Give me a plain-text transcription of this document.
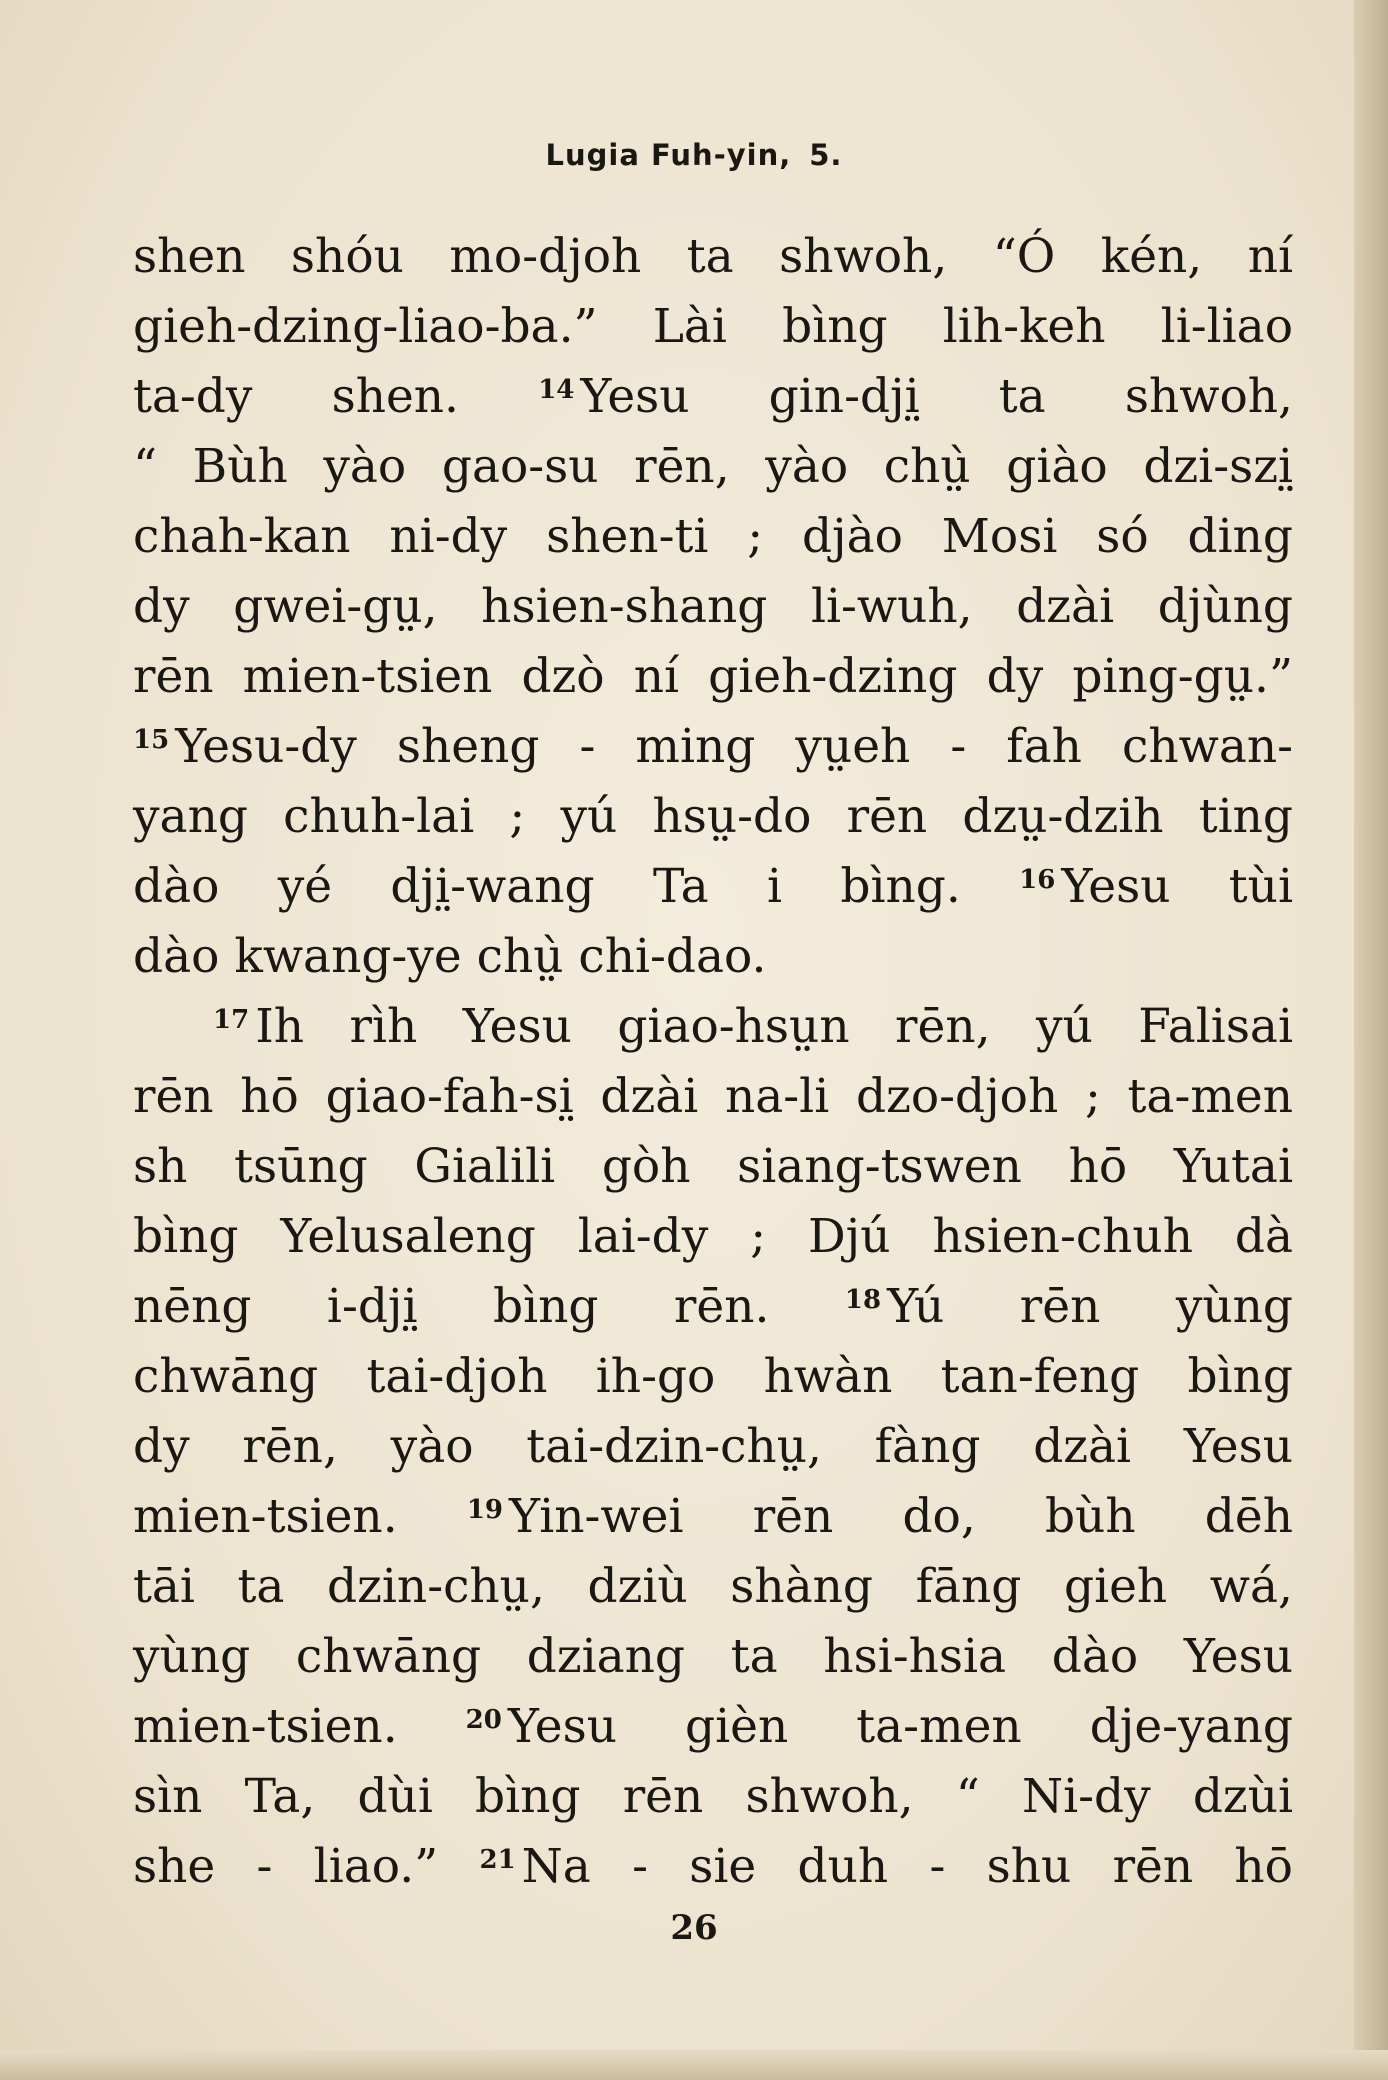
Lugia Fuh-yin, 5.
shen shóu mo-djoh ta shwoh, “Ó kén, ní
gieh-dzing-liao-ba.” Lài bìng lih-keh li-liao
ta-dy shen.	$^{14}$ Yesu gin-dji̤ ta shwoh,
“ Bùh yào gao-su rēn, yào chṳ̀ giào dzi-szi̤
chah-kan ni-dy shen-ti ; djào Mosi só ding
dy gwei-gṳ, hsien-shang li-wuh, dzài djùng
rēn mien-tsien dzò ní gieh-dzing dy ping-gṳ.”
$^{15}$ Yesu-dy sheng - ming yṳeh - fah chwan-
yang chuh-lai ; yú hsṳ-do rēn dzṳ-dzih ting
dào yé dji̤-wang Ta i bìng. $^{16}$ Yesu tùi
dào kwang-ye chṳ̀ chi-dao.
$^{17}$ Ih rìh Yesu giao-hsṳn rēn, yú Falisai
rēn hō giao-fah-si̤ dzài na-li dzo-djoh ; ta-men
sh tsūng Gialili gòh siang-tswen hō Yutai
bìng Yelusaleng lai-dy ; Djú hsien-chuh dà
nēng i-dji̤ bìng rēn.	$^{18}$ Yú rēn yùng
chwāng tai-djoh ih-go hwàn tan-feng bìng
dy rēn, yào tai-dzin-chṳ, fàng dzài Yesu
mien-tsien.	$^{19}$ Yin-wei rēn do, bùh dēh
tāi ta dzin-chṳ, dziù shàng fāng gieh wá,
yùng chwāng dziang ta hsi-hsia dào Yesu
mien-tsien.	$^{20}$ Yesu gièn ta-men dje-yang
sìn Ta, dùi bìng rēn shwoh, “ Ni-dy dzùi
she - liao.” $^{21}$ Na - sie duh - shu rēn hō
26
